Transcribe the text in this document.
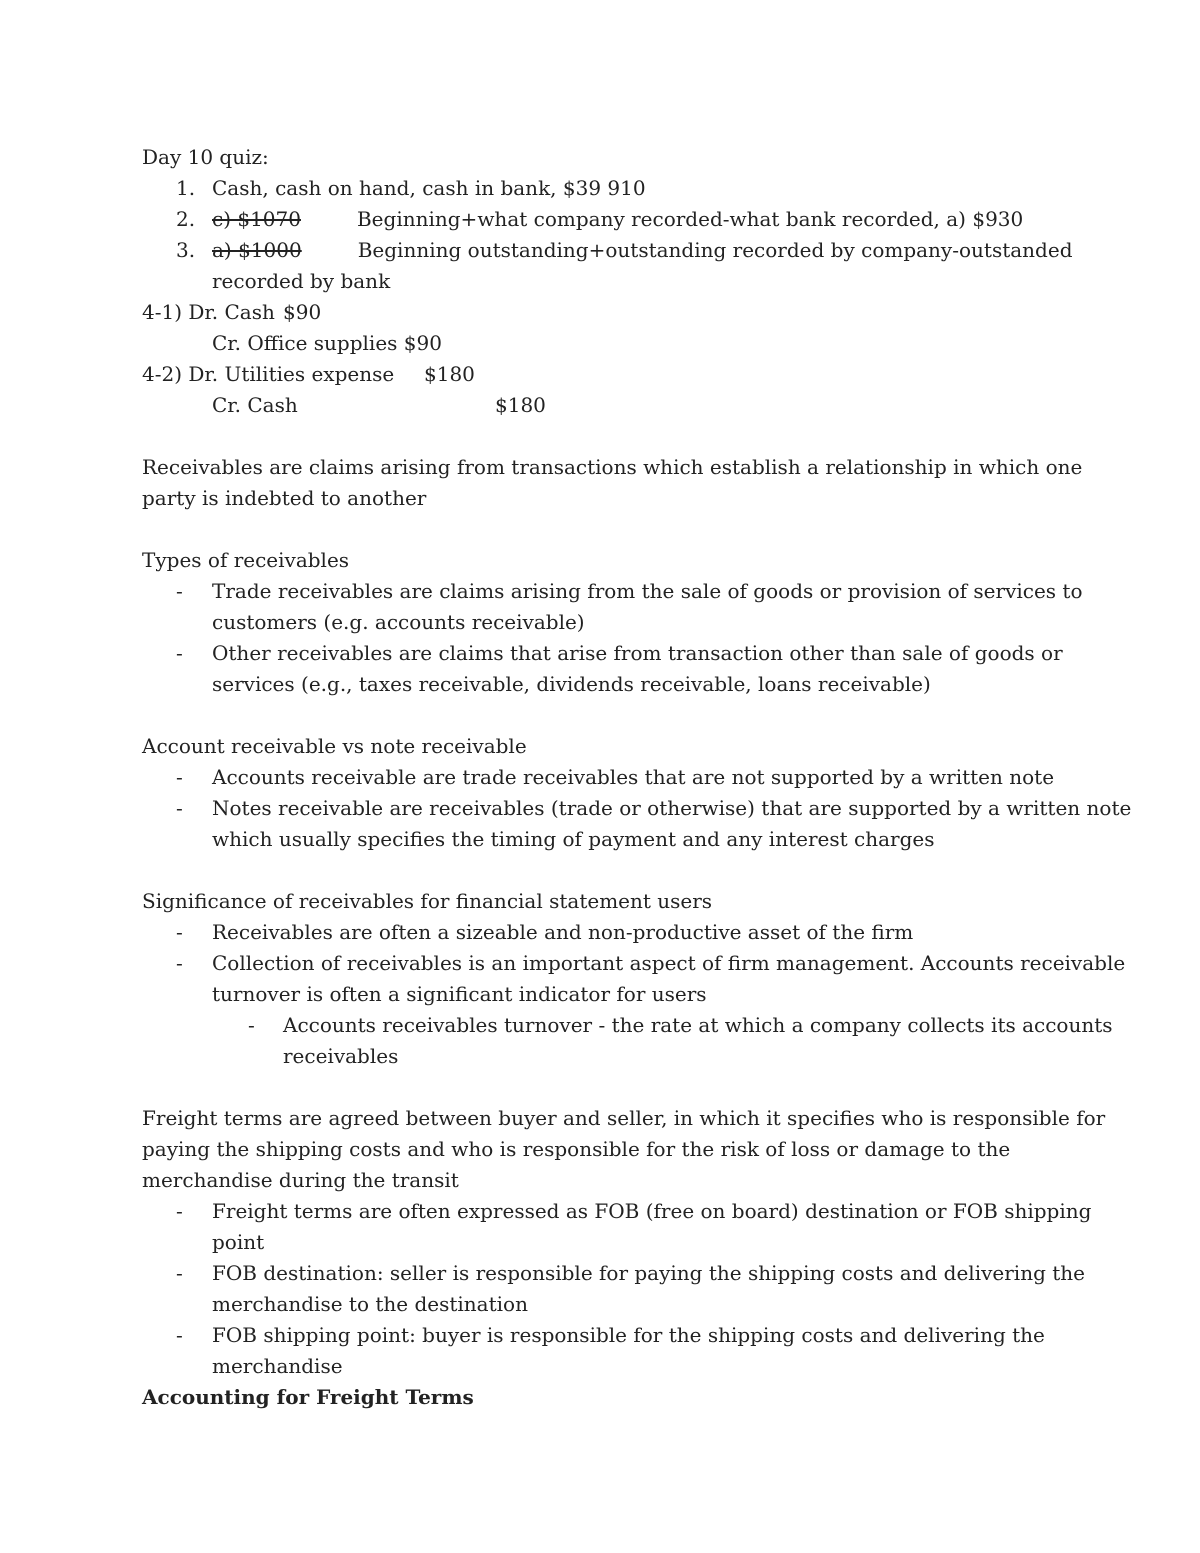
Day 10 quiz:
1. Cash, cash on hand, cash in bank, $39 910
2. c) $1070	Beginning+what company recorded-what bank recorded, a) $930
3. a) $1000	Beginning outstanding+outstanding recorded by company-outstanded
recorded by bank
4-1) Dr. Cash $90
Cr. Office supplies $90
4-2) Dr. Utilities expense $180
Cr. Cash	$180
Receivables are claims arising from transactions which establish a relationship in which one
party is indebted to another
Types of receivables
- Trade receivables are claims arising from the sale of goods or provision of services to
customers (e.g. accounts receivable)
- Other receivables are claims that arise from transaction other than sale of goods or
services (e.g., taxes receivable, dividends receivable, loans receivable)
Account receivable vs note receivable
- Accounts receivable are trade receivables that are not supported by a written note
- Notes receivable are receivables (trade or otherwise) that are supported by a written note
which usually specifies the timing of payment and any interest charges
Significance of receivables for financial statement users
- Receivables are often a sizeable and non-productive asset of the firm
- Collection of receivables is an important aspect of firm management. Accounts receivable
turnover is often a significant indicator for users
- Accounts receivables turnover - the rate at which a company collects its accounts
receivables
Freight terms are agreed between buyer and seller, in which it specifies who is responsible for
paying the shipping costs and who is responsible for the risk of loss or damage to the
merchandise during the transit
- Freight terms are often expressed as FOB (free on board) destination or FOB shipping
point
- FOB destination: seller is responsible for paying the shipping costs and delivering the
merchandise to the destination
- FOB shipping point: buyer is responsible for the shipping costs and delivering the
merchandise
Accounting for Freight Terms
